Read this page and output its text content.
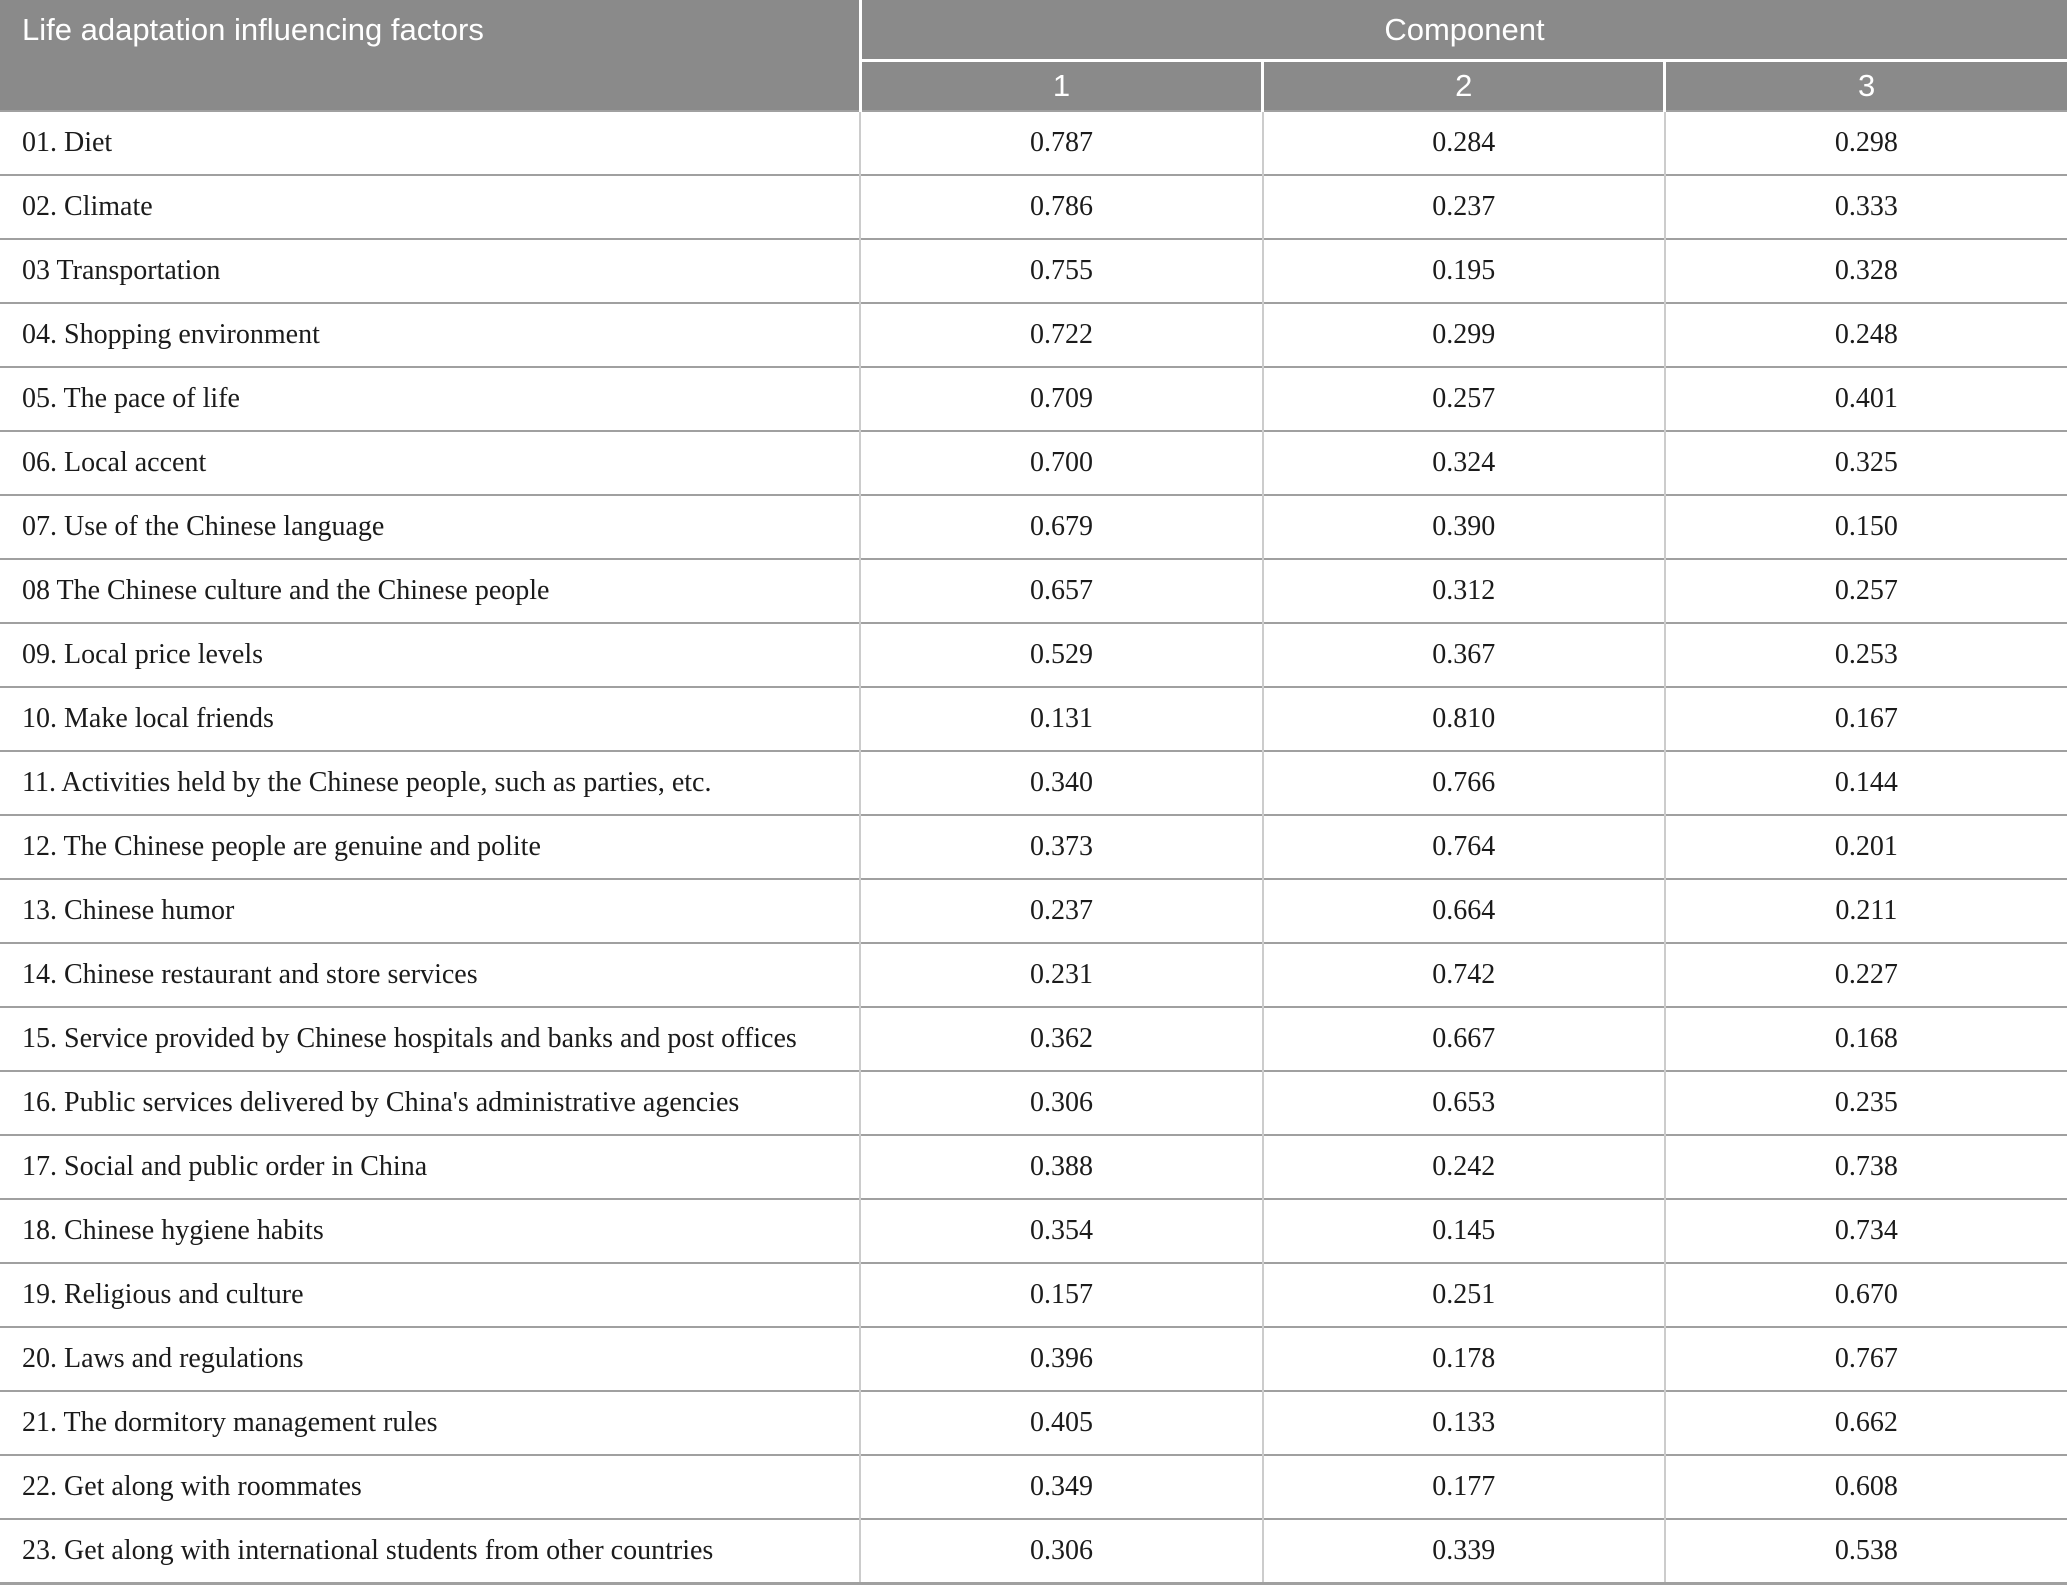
Life adaptation influencing factors	Component		
	1	2	3
01. Diet	0.787	0.284	0.298
02. Climate	0.786	0.237	0.333
03 Transportation	0.755	0.195	0.328
04. Shopping environment	0.722	0.299	0.248
05. The pace of life	0.709	0.257	0.401
06. Local accent	0.700	0.324	0.325
07. Use of the Chinese language	0.679	0.390	0.150
08 The Chinese culture and the Chinese people	0.657	0.312	0.257
09. Local price levels	0.529	0.367	0.253
10. Make local friends	0.131	0.810	0.167
11. Activities held by the Chinese people, such as parties, etc.	0.340	0.766	0.144
12. The Chinese people are genuine and polite	0.373	0.764	0.201
13. Chinese humor	0.237	0.664	0.211
14. Chinese restaurant and store services	0.231	0.742	0.227
15. Service provided by Chinese hospitals and banks and post offices	0.362	0.667	0.168
16. Public services delivered by China's administrative agencies	0.306	0.653	0.235
17. Social and public order in China	0.388	0.242	0.738
18. Chinese hygiene habits	0.354	0.145	0.734
19. Religious and culture	0.157	0.251	0.670
20. Laws and regulations	0.396	0.178	0.767
21. The dormitory management rules	0.405	0.133	0.662
22. Get along with roommates	0.349	0.177	0.608
23. Get along with international students from other countries	0.306	0.339	0.538
